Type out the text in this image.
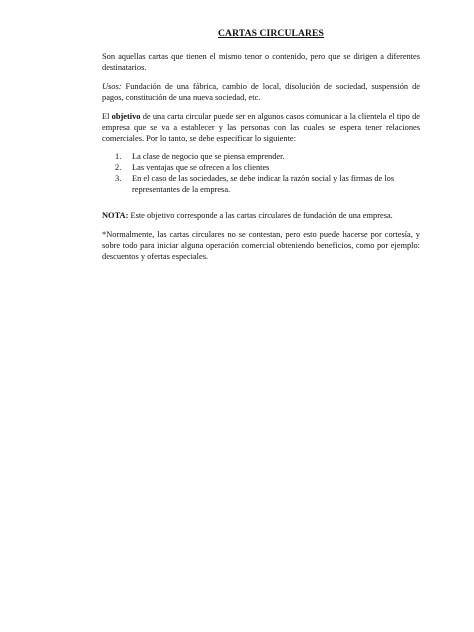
CARTAS CIRCULARES

Son aquellas cartas que tienen el mismo tenor o contenido, pero que se dirigen a diferentes destinatarios.

Usos: Fundación de una fábrica, cambio de local, disolución de sociedad, suspensión de pagos, constitución de una nueva sociedad, etc.

El objetivo de una carta circular puede ser en algunos casos comunicar a la clientela el tipo de empresa que se va a establecer y las personas con las cuales se espera tener relaciones comerciales. Por lo tanto, se debe especificar lo siguiente:

1. La clase de negocio que se piensa emprender.
2. Las ventajas que se ofrecen a los clientes
3. En el caso de las sociedades, se debe indicar la razón social y las firmas de los representantes de la empresa.

NOTA: Este objetivo corresponde a las cartas circulares de fundación de una empresa.

*Normalmente, las cartas circulares no se contestan, pero esto puede hacerse por cortesía, y sobre todo para iniciar alguna operación comercial obteniendo beneficios, como por ejemplo: descuentos y ofertas especiales.
